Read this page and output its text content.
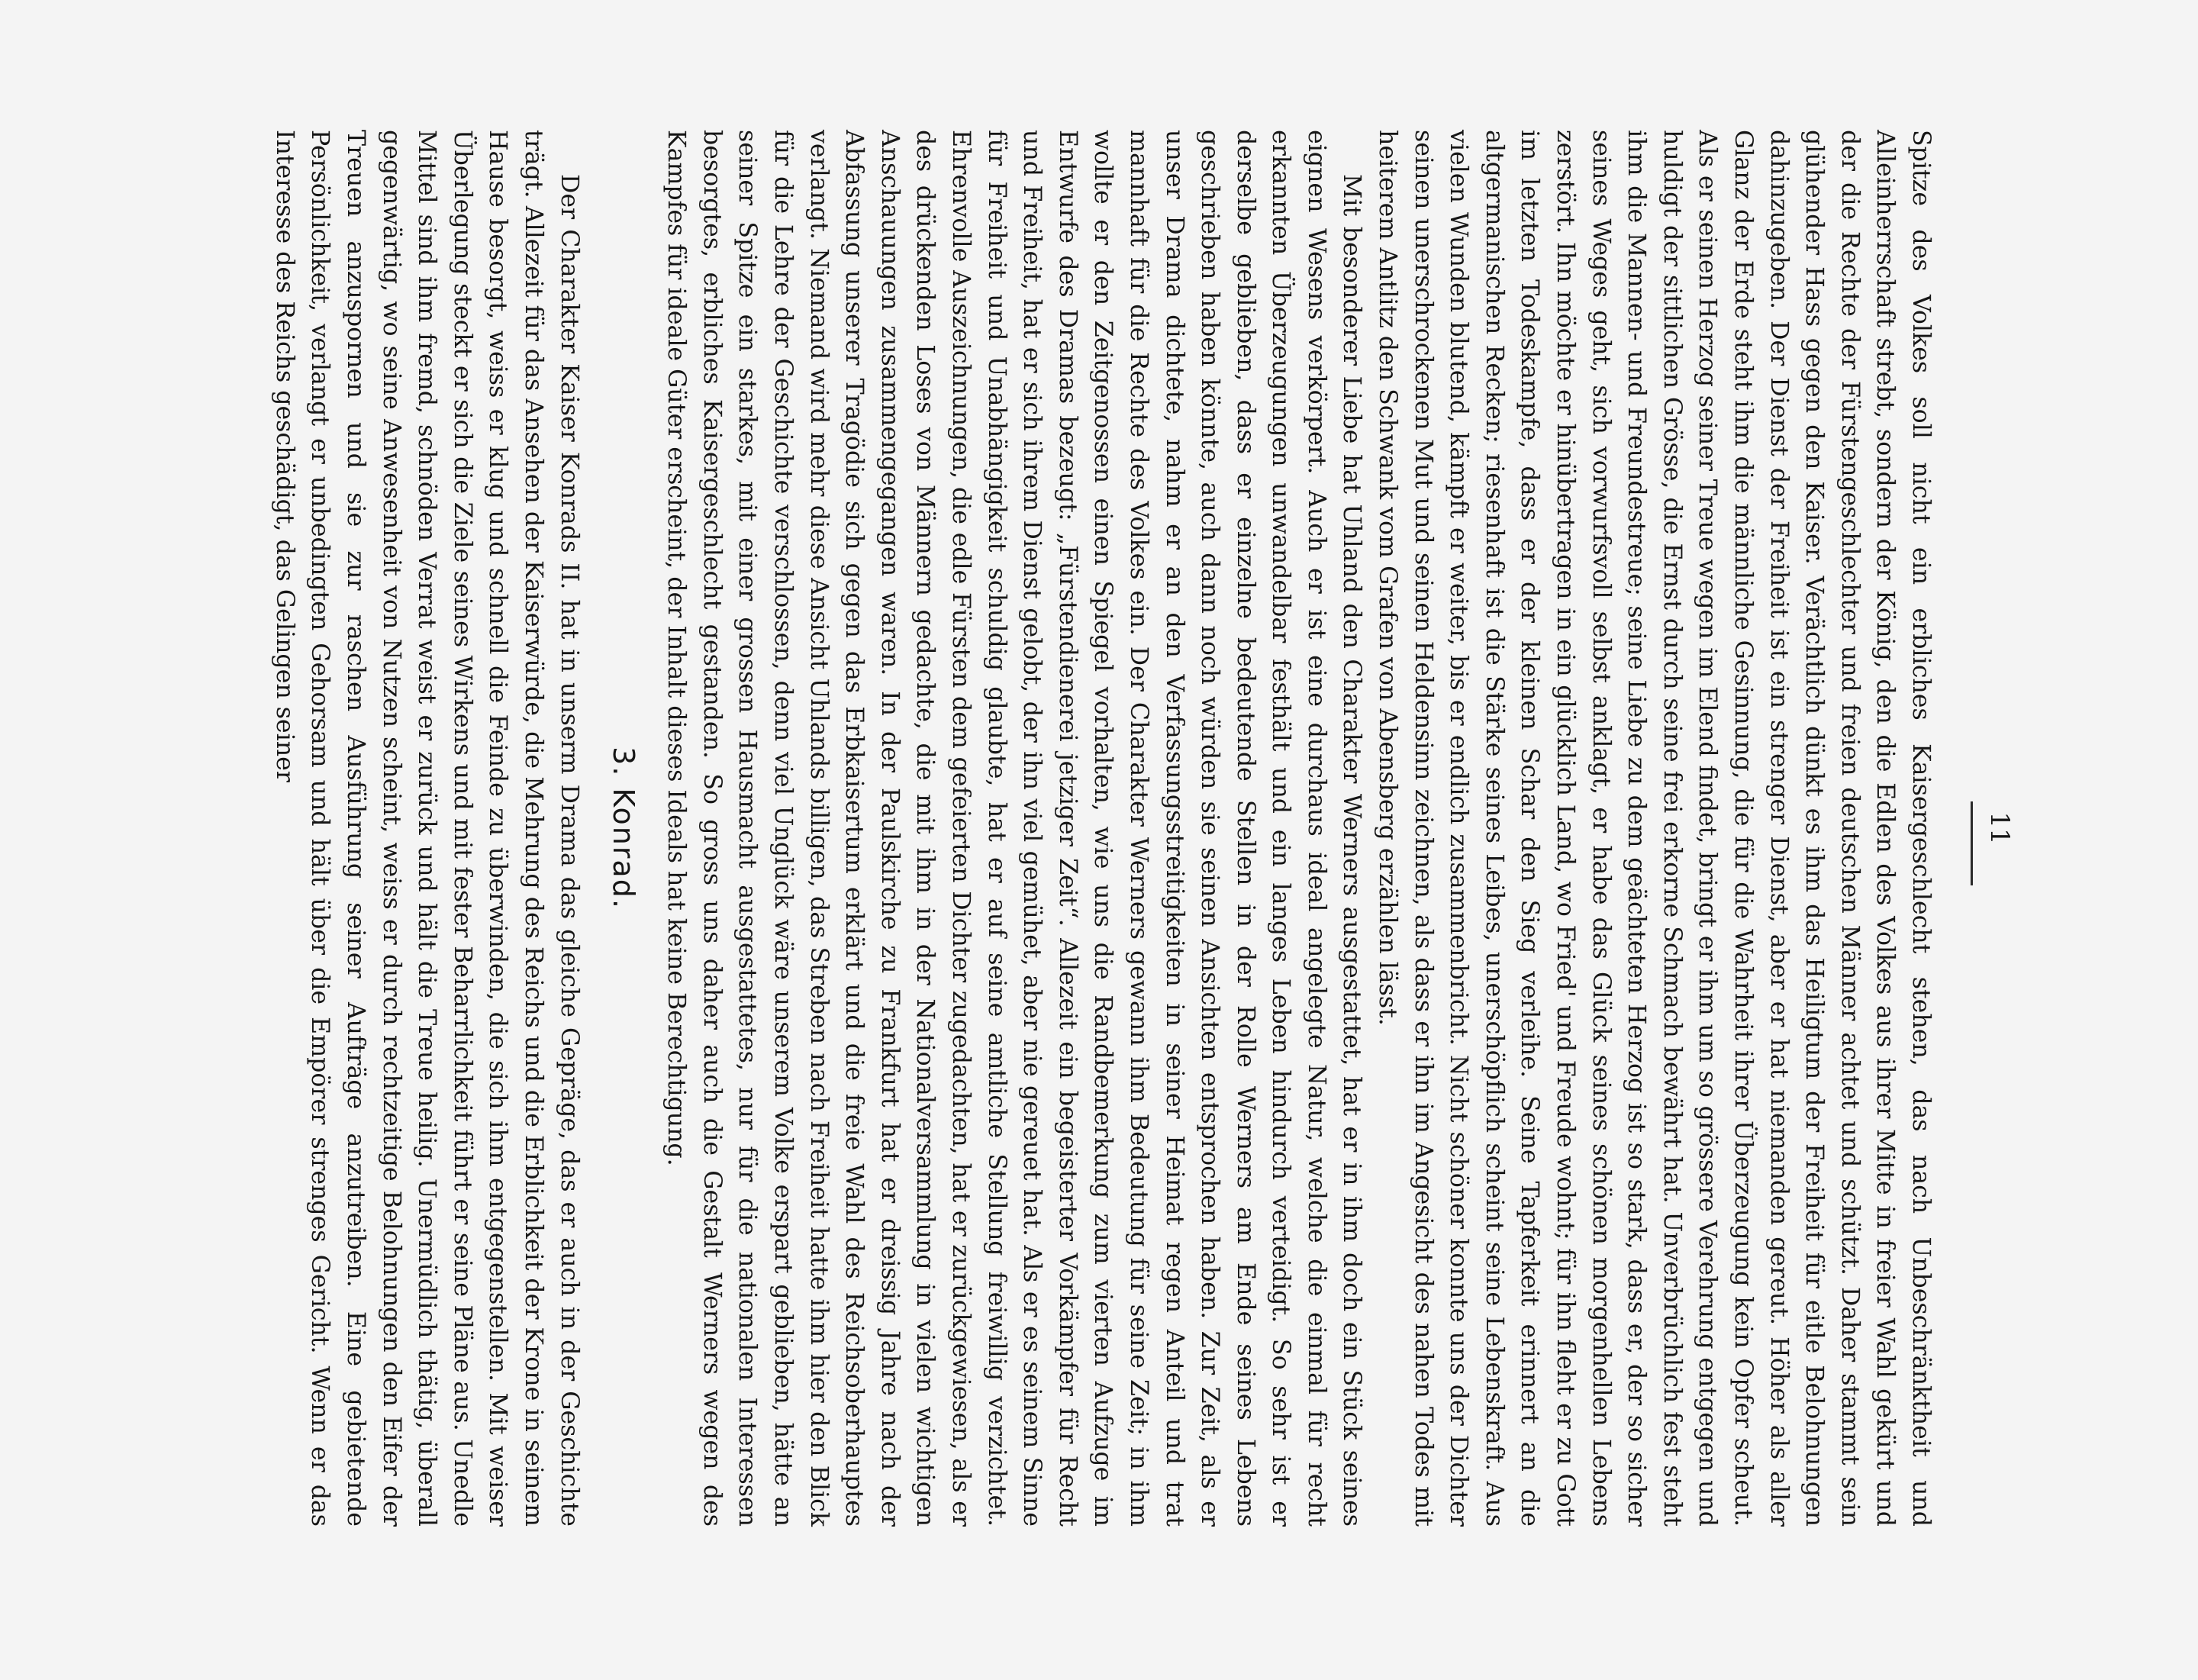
11

Spitze des Volkes soll nicht ein erbliches Kaisergeschlecht stehen, das nach Unbeschränktheit und Alleinherrschaft strebt, sondern der König, den die Edlen des Volkes aus ihrer Mitte in freier Wahl gekürt und der die Rechte der Fürstengeschlechter und freien deutschen Männer achtet und schützt. Daher stammt sein glühender Hass gegen den Kaiser. Verächtlich dünkt es ihm das Heiligtum der Freiheit für eitle Belohnungen dahinzugeben. Der Dienst der Freiheit ist ein strenger Dienst, aber er hat niemanden gereut. Höher als aller Glanz der Erde steht ihm die männliche Gesinnung, die für die Wahrheit ihrer Überzeugung kein Opfer scheut. Als er seinen Herzog seiner Treue wegen im Elend findet, bringt er ihm um so grössere Verehrung entgegen und huldigt der sittlichen Grösse, die Ernst durch seine frei erkorne Schmach bewährt hat. Unverbrüchlich fest steht ihm die Mannen- und Freundestreue; seine Liebe zu dem geächteten Herzog ist so stark, dass er, der so sicher seines Weges geht, sich vorwurfsvoll selbst anklagt, er habe das Glück seines schönen morgenhellen Lebens zerstört. Ihn möchte er hinübertragen in ein glücklich Land, wo Fried' und Freude wohnt; für ihn fleht er zu Gott im letzten Todeskampfe, dass er der kleinen Schar den Sieg verleihe. Seine Tapferkeit erinnert an die altgermanischen Recken; riesenhaft ist die Stärke seines Leibes, unerschöpflich scheint seine Lebenskraft. Aus vielen Wunden blutend, kämpft er weiter, bis er endlich zusammenbricht. Nicht schöner konnte uns der Dichter seinen unerschrockenen Mut und seinen Heldensinn zeichnen, als dass er ihn im Angesicht des nahen Todes mit heiterem Antlitz den Schwank vom Grafen von Abensberg erzählen lässt.

Mit besonderer Liebe hat Uhland den Charakter Werners ausgestattet, hat er in ihm doch ein Stück seines eignen Wesens verkörpert. Auch er ist eine durchaus ideal angelegte Natur, welche die einmal für recht erkannten Überzeugungen unwandelbar festhält und ein langes Leben hindurch verteidigt. So sehr ist er derselbe geblieben, dass er einzelne bedeutende Stellen in der Rolle Werners am Ende seines Lebens geschrieben haben könnte, auch dann noch würden sie seinen Ansichten entsprochen haben. Zur Zeit, als er unser Drama dichtete, nahm er an den Verfassungsstreitigkeiten in seiner Heimat regen Anteil und trat mannhaft für die Rechte des Volkes ein. Der Charakter Werners gewann ihm Bedeutung für seine Zeit; in ihm wollte er den Zeitgenossen einen Spiegel vorhalten, wie uns die Randbemerkung zum vierten Aufzuge im Entwurfe des Dramas bezeugt: „Fürstendienerei jetziger Zeit“. Allezeit ein begeisterter Vorkämpfer für Recht und Freiheit, hat er sich ihrem Dienst gelobt, der ihn viel gemühet, aber nie gereuet hat. Als er es seinem Sinne für Freiheit und Unabhängigkeit schuldig glaubte, hat er auf seine amtliche Stellung freiwillig verzichtet. Ehrenvolle Auszeichnungen, die edle Fürsten dem gefeierten Dichter zugedachten, hat er zurückgewiesen, als er des drückenden Loses von Männern gedachte, die mit ihm in der Nationalversammlung in vielen wichtigen Anschauungen zusammengegangen waren. In der Paulskirche zu Frankfurt hat er dreissig Jahre nach der Abfassung unserer Tragödie sich gegen das Erbkaisertum erklärt und die freie Wahl des Reichsoberhauptes verlangt. Niemand wird mehr diese Ansicht Uhlands billigen, das Streben nach Freiheit hatte ihm hier den Blick für die Lehre der Geschichte verschlossen, denn viel Unglück wäre unserem Volke erspart geblieben, hätte an seiner Spitze ein starkes, mit einer grossen Hausmacht ausgestattetes, nur für die nationalen Interessen besorgtes, erbliches Kaisergeschlecht gestanden. So gross uns daher auch die Gestalt Werners wegen des Kampfes für ideale Güter erscheint, der Inhalt dieses Ideals hat keine Berechtigung.

3. Konrad.

Der Charakter Kaiser Konrads II. hat in unserm Drama das gleiche Gepräge, das er auch in der Geschichte trägt. Allezeit für das Ansehen der Kaiserwürde, die Mehrung des Reichs und die Erblichkeit der Krone in seinem Hause besorgt, weiss er klug und schnell die Feinde zu überwinden, die sich ihm entgegenstellen. Mit weiser Überlegung steckt er sich die Ziele seines Wirkens und mit fester Beharrlichkeit führt er seine Pläne aus. Unedle Mittel sind ihm fremd, schnöden Verrat weist er zurück und hält die Treue heilig. Unermüdlich thätig, überall gegenwärtig, wo seine Anwesenheit von Nutzen scheint, weiss er durch rechtzeitige Belohnungen den Eifer der Treuen anzuspornen und sie zur raschen Ausführung seiner Aufträge anzutreiben. Eine gebietende Persönlichkeit, verlangt er unbedingten Gehorsam und hält über die Empörer strenges Gericht. Wenn er das Interesse des Reichs geschädigt, das Gelingen seiner
